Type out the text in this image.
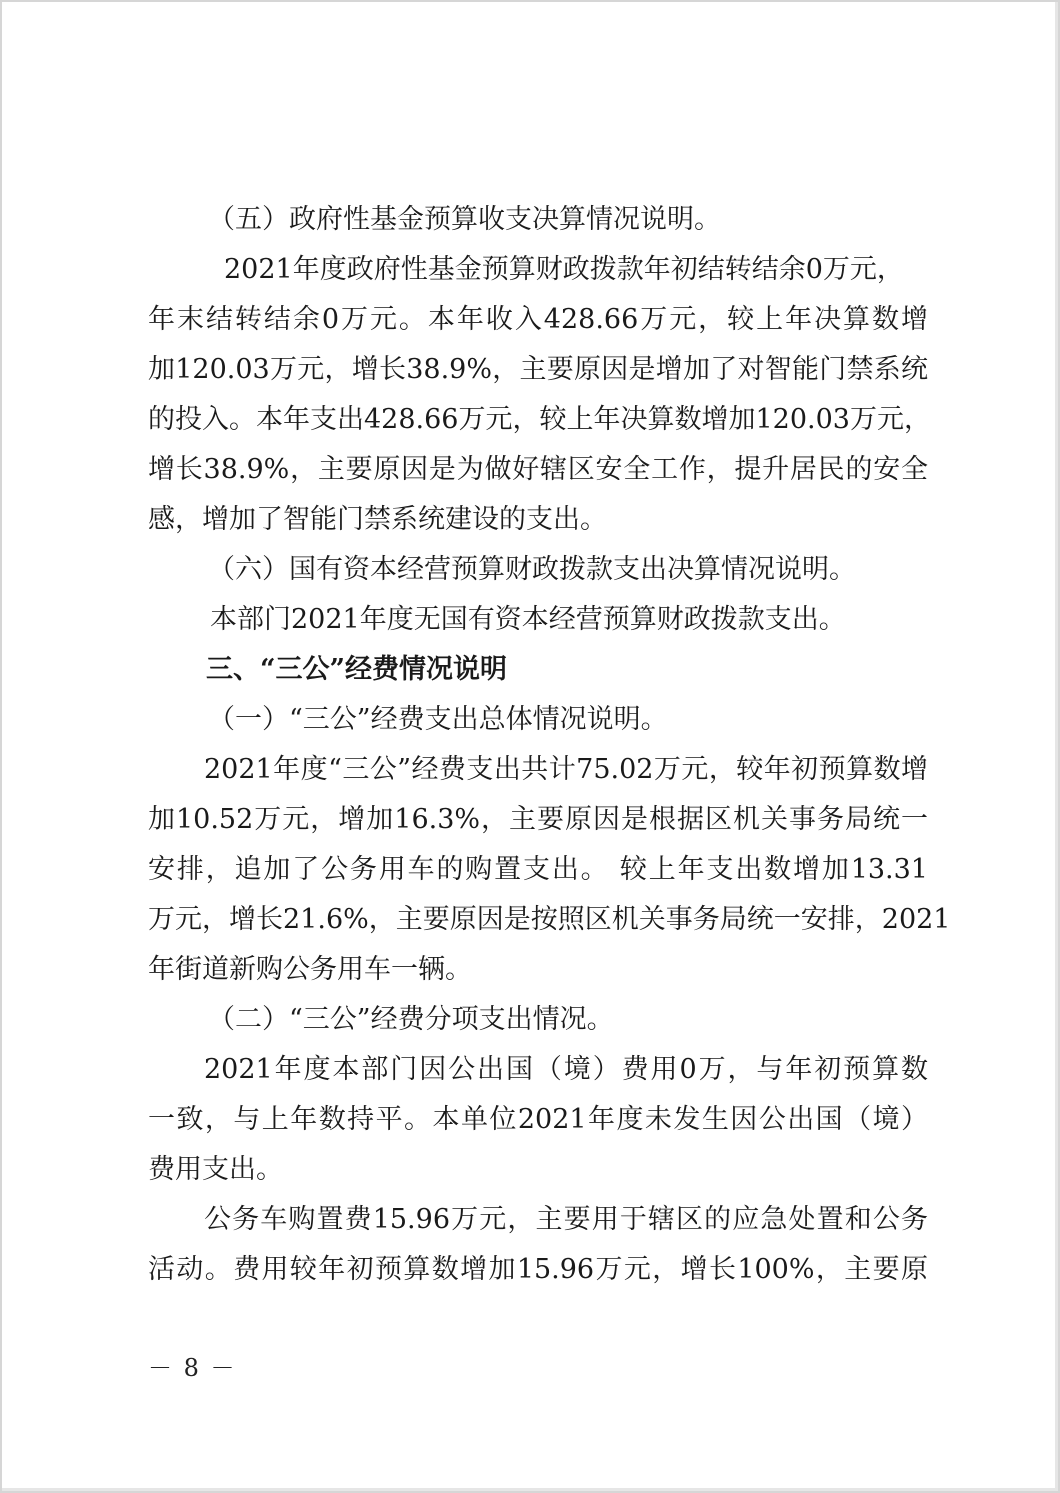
（五）政府性基金预算收支决算情况说明。
2021年度政府性基金预算财政拨款年初结转结余0万元，
年末结转结余0万元。本年收入428.66万元，较上年决算数增
加120.03万元，增长38.9%，主要原因是增加了对智能门禁系统
的投入。本年支出428.66万元，较上年决算数增加120.03万元，
增长38.9%，主要原因是为做好辖区安全工作，提升居民的安全
感，增加了智能门禁系统建设的支出。
（六）国有资本经营预算财政拨款支出决算情况说明。
本部门2021年度无国有资本经营预算财政拨款支出。
三、“三公”经费情况说明
（一）“三公”经费支出总体情况说明。
2021年度“三公”经费支出共计75.02万元，较年初预算数增
加10.52万元，增加16.3%，主要原因是根据区机关事务局统一
安排，追加了公务用车的购置支出。 较上年支出数增加13.31
万元，增长21.6%，主要原因是按照区机关事务局统一安排，2021
年街道新购公务用车一辆。
（二）“三公”经费分项支出情况。
2021年度本部门因公出国（境）费用0万，与年初预算数
一致，与上年数持平。本单位2021年度未发生因公出国（境）
费用支出。
公务车购置费15.96万元，主要用于辖区的应急处置和公务
活动。费用较年初预算数增加15.96万元，增长100%，主要原
－ 8 －
